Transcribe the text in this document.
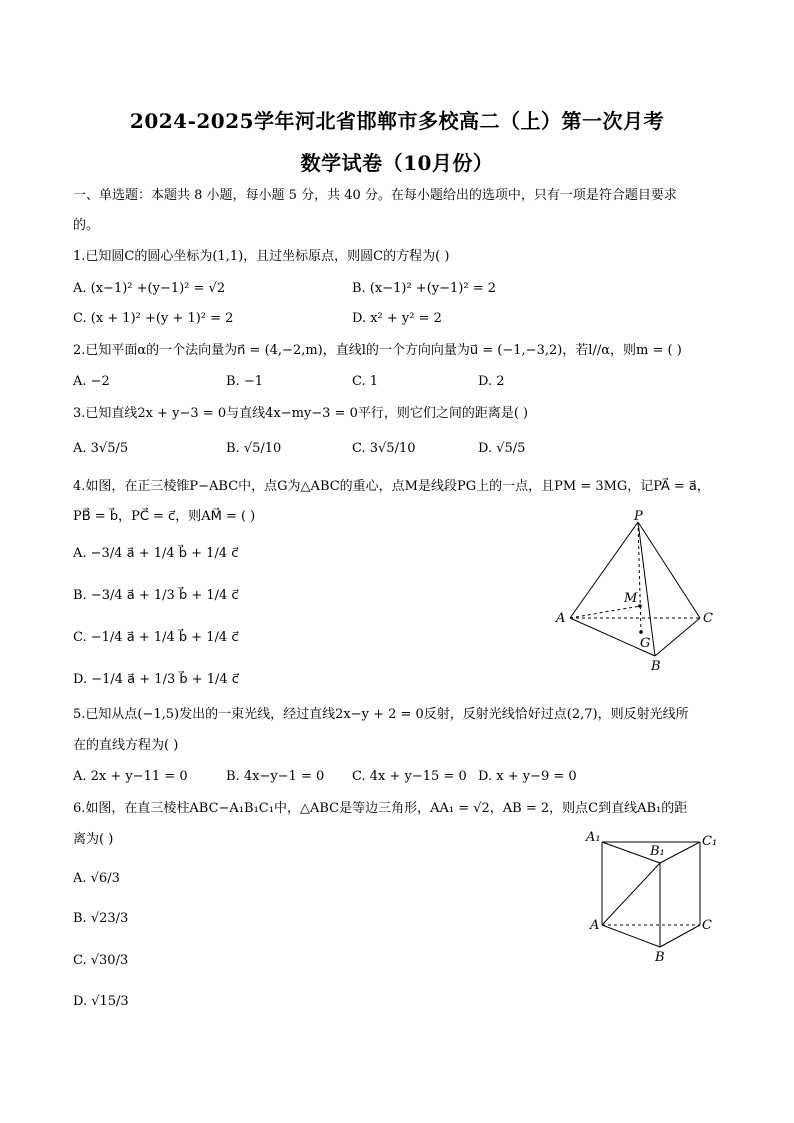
2024-2025学年河北省邯郸市多校高二（上）第一次月考
数学试卷（10月份）
一、单选题：本题共 8 小题，每小题 5 分，共 40 分。在每小题给出的选项中，只有一项是符合题目要求
的。
1.已知圆C的圆心坐标为(1,1)，且过坐标原点，则圆C的方程为( )
A. (x−1)² +(y−1)² = √2	B. (x−1)² +(y−1)² = 2
C. (x + 1)² +(y + 1)² = 2	D. x² + y² = 2
2.已知平面α的一个法向量为n⃗ = (4,−2,m)，直线l的一个方向向量为u⃗ = (−1,−3,2)，若l//α，则m = ( )
A. −2	B. −1	C. 1	D. 2
3.已知直线2x + y−3 = 0与直线4x−my−3 = 0平行，则它们之间的距离是( )
A. 3√5/5	B. √5/10	C. 3√5/10	D. √5/5
4.如图，在正三棱锥P−ABC中，点G为△ABC的重心，点M是线段PG上的一点，且PM = 3MG，记PA⃗ = a⃗，
PB⃗ = b⃗，PC⃗ = c⃗，则AM⃗ = ( )
A. −3/4 a⃗ + 1/4 b⃗ + 1/4 c⃗
B. −3/4 a⃗ + 1/3 b⃗ + 1/4 c⃗
C. −1/4 a⃗ + 1/4 b⃗ + 1/4 c⃗
D. −1/4 a⃗ + 1/3 b⃗ + 1/4 c⃗
P
M
A	C
G
B
5.已知从点(−1,5)发出的一束光线，经过直线2x−y + 2 = 0反射，反射光线恰好过点(2,7)，则反射光线所
在的直线方程为( )
A. 2x + y−11 = 0	B. 4x−y−1 = 0 C. 4x + y−15 = 0 D. x + y−9 = 0
6.如图，在直三棱柱ABC−A₁B₁C₁中，△ABC是等边三角形，AA₁ = √2，AB = 2，则点C到直线AB₁的距
离为( )
A. √6/3
B. √23/3
C. √30/3
D. √15/3
A₁
B₁
C₁
A	C
B
